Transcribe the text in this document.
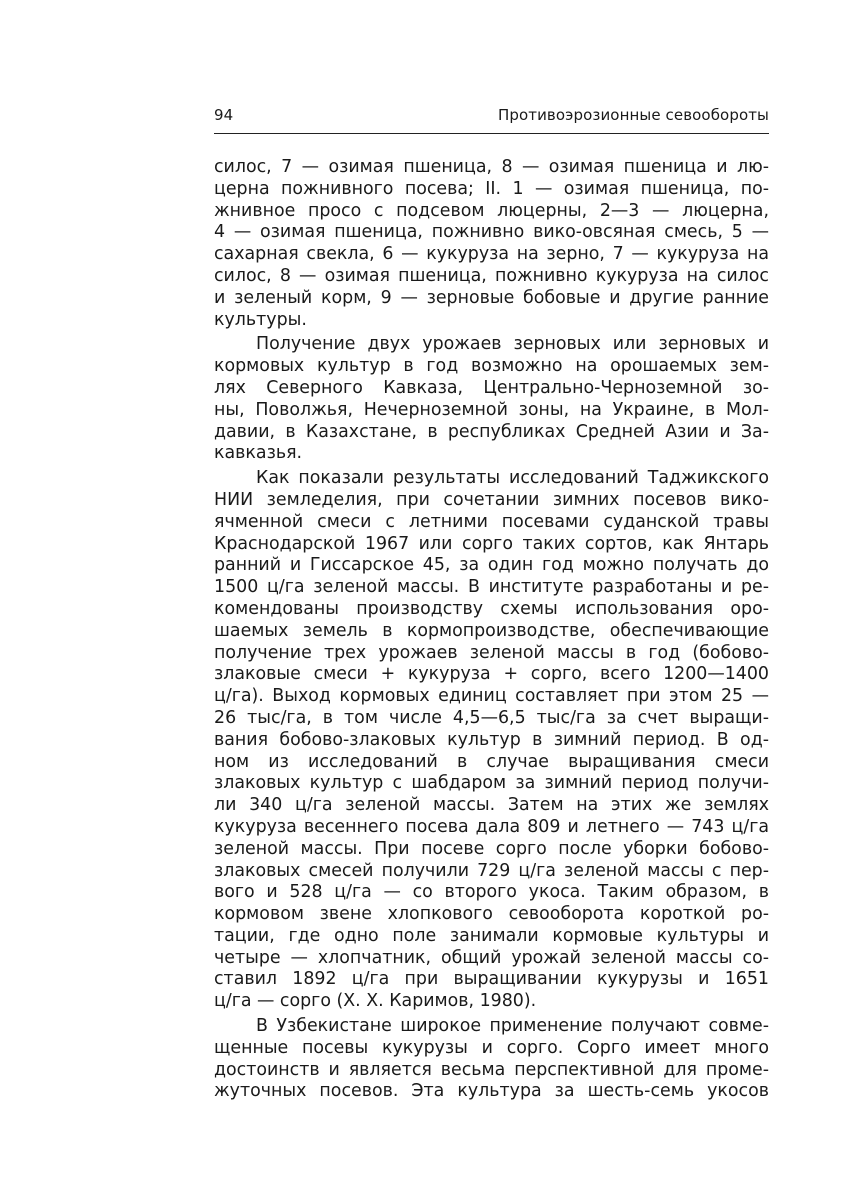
94	Противоэрозионные севообороты
силос, 7 — озимая пшеница, 8 — озимая пшеница и лю-
церна пожнивного посева; II. 1 — озимая пшеница, по-
жнивное просо с подсевом люцерны, 2—3 — люцерна,
4 — озимая пшеница, пожнивно вико-овсяная смесь, 5 —
сахарная свекла, 6 — кукуруза на зерно, 7 — кукуруза на
силос, 8 — озимая пшеница, пожнивно кукуруза на силос
и зеленый корм, 9 — зерновые бобовые и другие ранние
культуры.
Получение двух урожаев зерновых или зерновых и
кормовых культур в год возможно на орошаемых зем-
лях Северного Кавказа, Центрально-Черноземной зо-
ны, Поволжья, Нечерноземной зоны, на Украине, в Мол-
давии, в Казахстане, в республиках Средней Азии и За-
кавказья.
Как показали результаты исследований Таджикского
НИИ земледелия, при сочетании зимних посевов вико-
ячменной смеси с летними посевами суданской травы
Краснодарской 1967 или сорго таких сортов, как Янтарь
ранний и Гиссарское 45, за один год можно получать до
1500 ц/га зеленой массы. В институте разработаны и ре-
комендованы производству схемы использования оро-
шаемых земель в кормопроизводстве, обеспечивающие
получение трех урожаев зеленой массы в год (бобово-
злаковые смеси + кукуруза + сорго, всего 1200—1400
ц/га). Выход кормовых единиц составляет при этом 25 —
26 тыс/га, в том числе 4,5—6,5 тыс/га за счет выращи-
вания бобово-злаковых культур в зимний период. В од-
ном из исследований в случае выращивания смеси
злаковых культур с шабдаром за зимний период получи-
ли 340 ц/га зеленой массы. Затем на этих же землях
кукуруза весеннего посева дала 809 и летнего — 743 ц/га
зеленой массы. При посеве сорго после уборки бобово-
злаковых смесей получили 729 ц/га зеленой массы с пер-
вого и 528 ц/га — со второго укоса. Таким образом, в
кормовом звене хлопкового севооборота короткой ро-
тации, где одно поле занимали кормовые культуры и
четыре — хлопчатник, общий урожай зеленой массы со-
ставил 1892 ц/га при выращивании кукурузы и 1651
ц/га — сорго (Х. Х. Каримов, 1980).
В Узбекистане широкое применение получают совме-
щенные посевы кукурузы и сорго. Сорго имеет много
достоинств и является весьма перспективной для проме-
жуточных посевов. Эта культура за шесть-семь укосов
